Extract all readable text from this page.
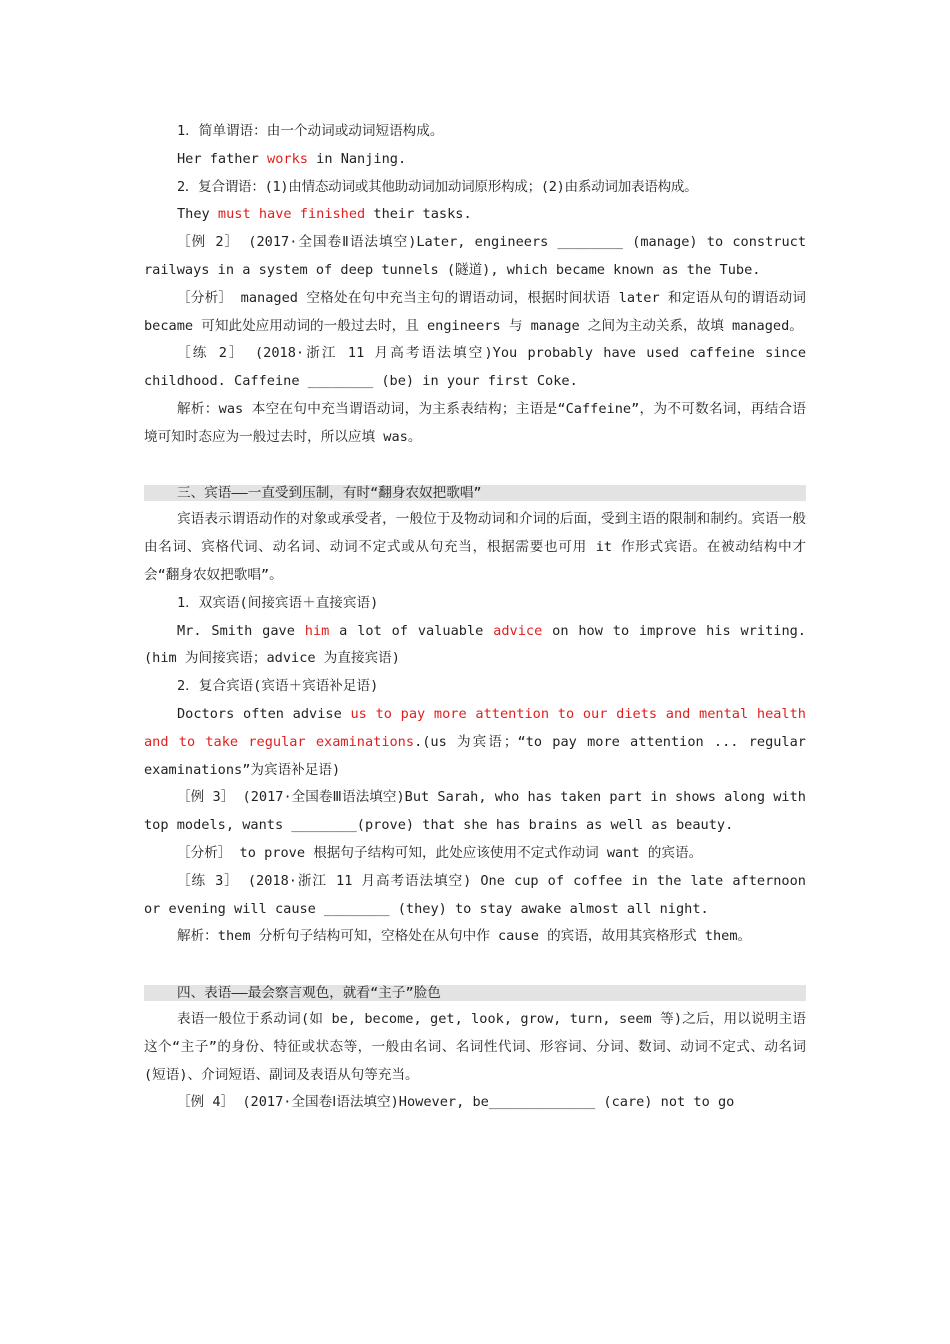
1．简单谓语：由一个动词或动词短语构成。

Her father works in Nanjing.

2．复合谓语：(1)由情态动词或其他助动词加动词原形构成；(2)由系动词加表语构成。

They must have finished their tasks.

［例 2］ (2017·全国卷Ⅱ语法填空)Later, engineers ________ (manage) to construct railways in a system of deep tunnels (隧道), which became known as the Tube.

［分析］ managed 空格处在句中充当主句的谓语动词，根据时间状语 later 和定语从句的谓语动词 became 可知此处应用动词的一般过去时，且 engineers 与 manage 之间为主动关系，故填 managed。

［练 2］ (2018·浙江 11 月高考语法填空)You probably have used caffeine since childhood. Caffeine ________ (be) in your first Coke.

解析：was 本空在句中充当谓语动词，为主系表结构；主语是“Caffeine”，为不可数名词，再结合语境可知时态应为一般过去时，所以应填 was。

三、宾语——一直受到压制，有时“翻身农奴把歌唱”

宾语表示谓语动作的对象或承受者，一般位于及物动词和介词的后面，受到主语的限制和制约。宾语一般由名词、宾格代词、动名词、动词不定式或从句充当，根据需要也可用 it 作形式宾语。在被动结构中才会“翻身农奴把歌唱”。

1．双宾语(间接宾语＋直接宾语)

Mr. Smith gave him a lot of valuable advice on how to improve his writing. (him 为间接宾语；advice 为直接宾语)

2．复合宾语(宾语＋宾语补足语)

Doctors often advise us to pay more attention to our diets and mental health and to take regular examinations.(us 为宾语；“to pay more attention ... regular examinations”为宾语补足语)

［例 3］ (2017·全国卷Ⅲ语法填空)But Sarah, who has taken part in shows along with top models, wants ________(prove) that she has brains as well as beauty.

［分析］ to prove 根据句子结构可知，此处应该使用不定式作动词 want 的宾语。

［练 3］ (2018·浙江 11 月高考语法填空) One cup of coffee in the late afternoon or evening will cause ________ (they) to stay awake almost all night.

解析：them 分析句子结构可知，空格处在从句中作 cause 的宾语，故用其宾格形式 them。

四、表语——最会察言观色，就看“主子”脸色

表语一般位于系动词(如 be, become, get, look, grow, turn, seem 等)之后，用以说明主语这个“主子”的身份、特征或状态等，一般由名词、名词性代词、形容词、分词、数词、动词不定式、动名词(短语)、介词短语、副词及表语从句等充当。

［例 4］ (2017·全国卷Ⅰ语法填空)However, be_____________ (care) not to go
